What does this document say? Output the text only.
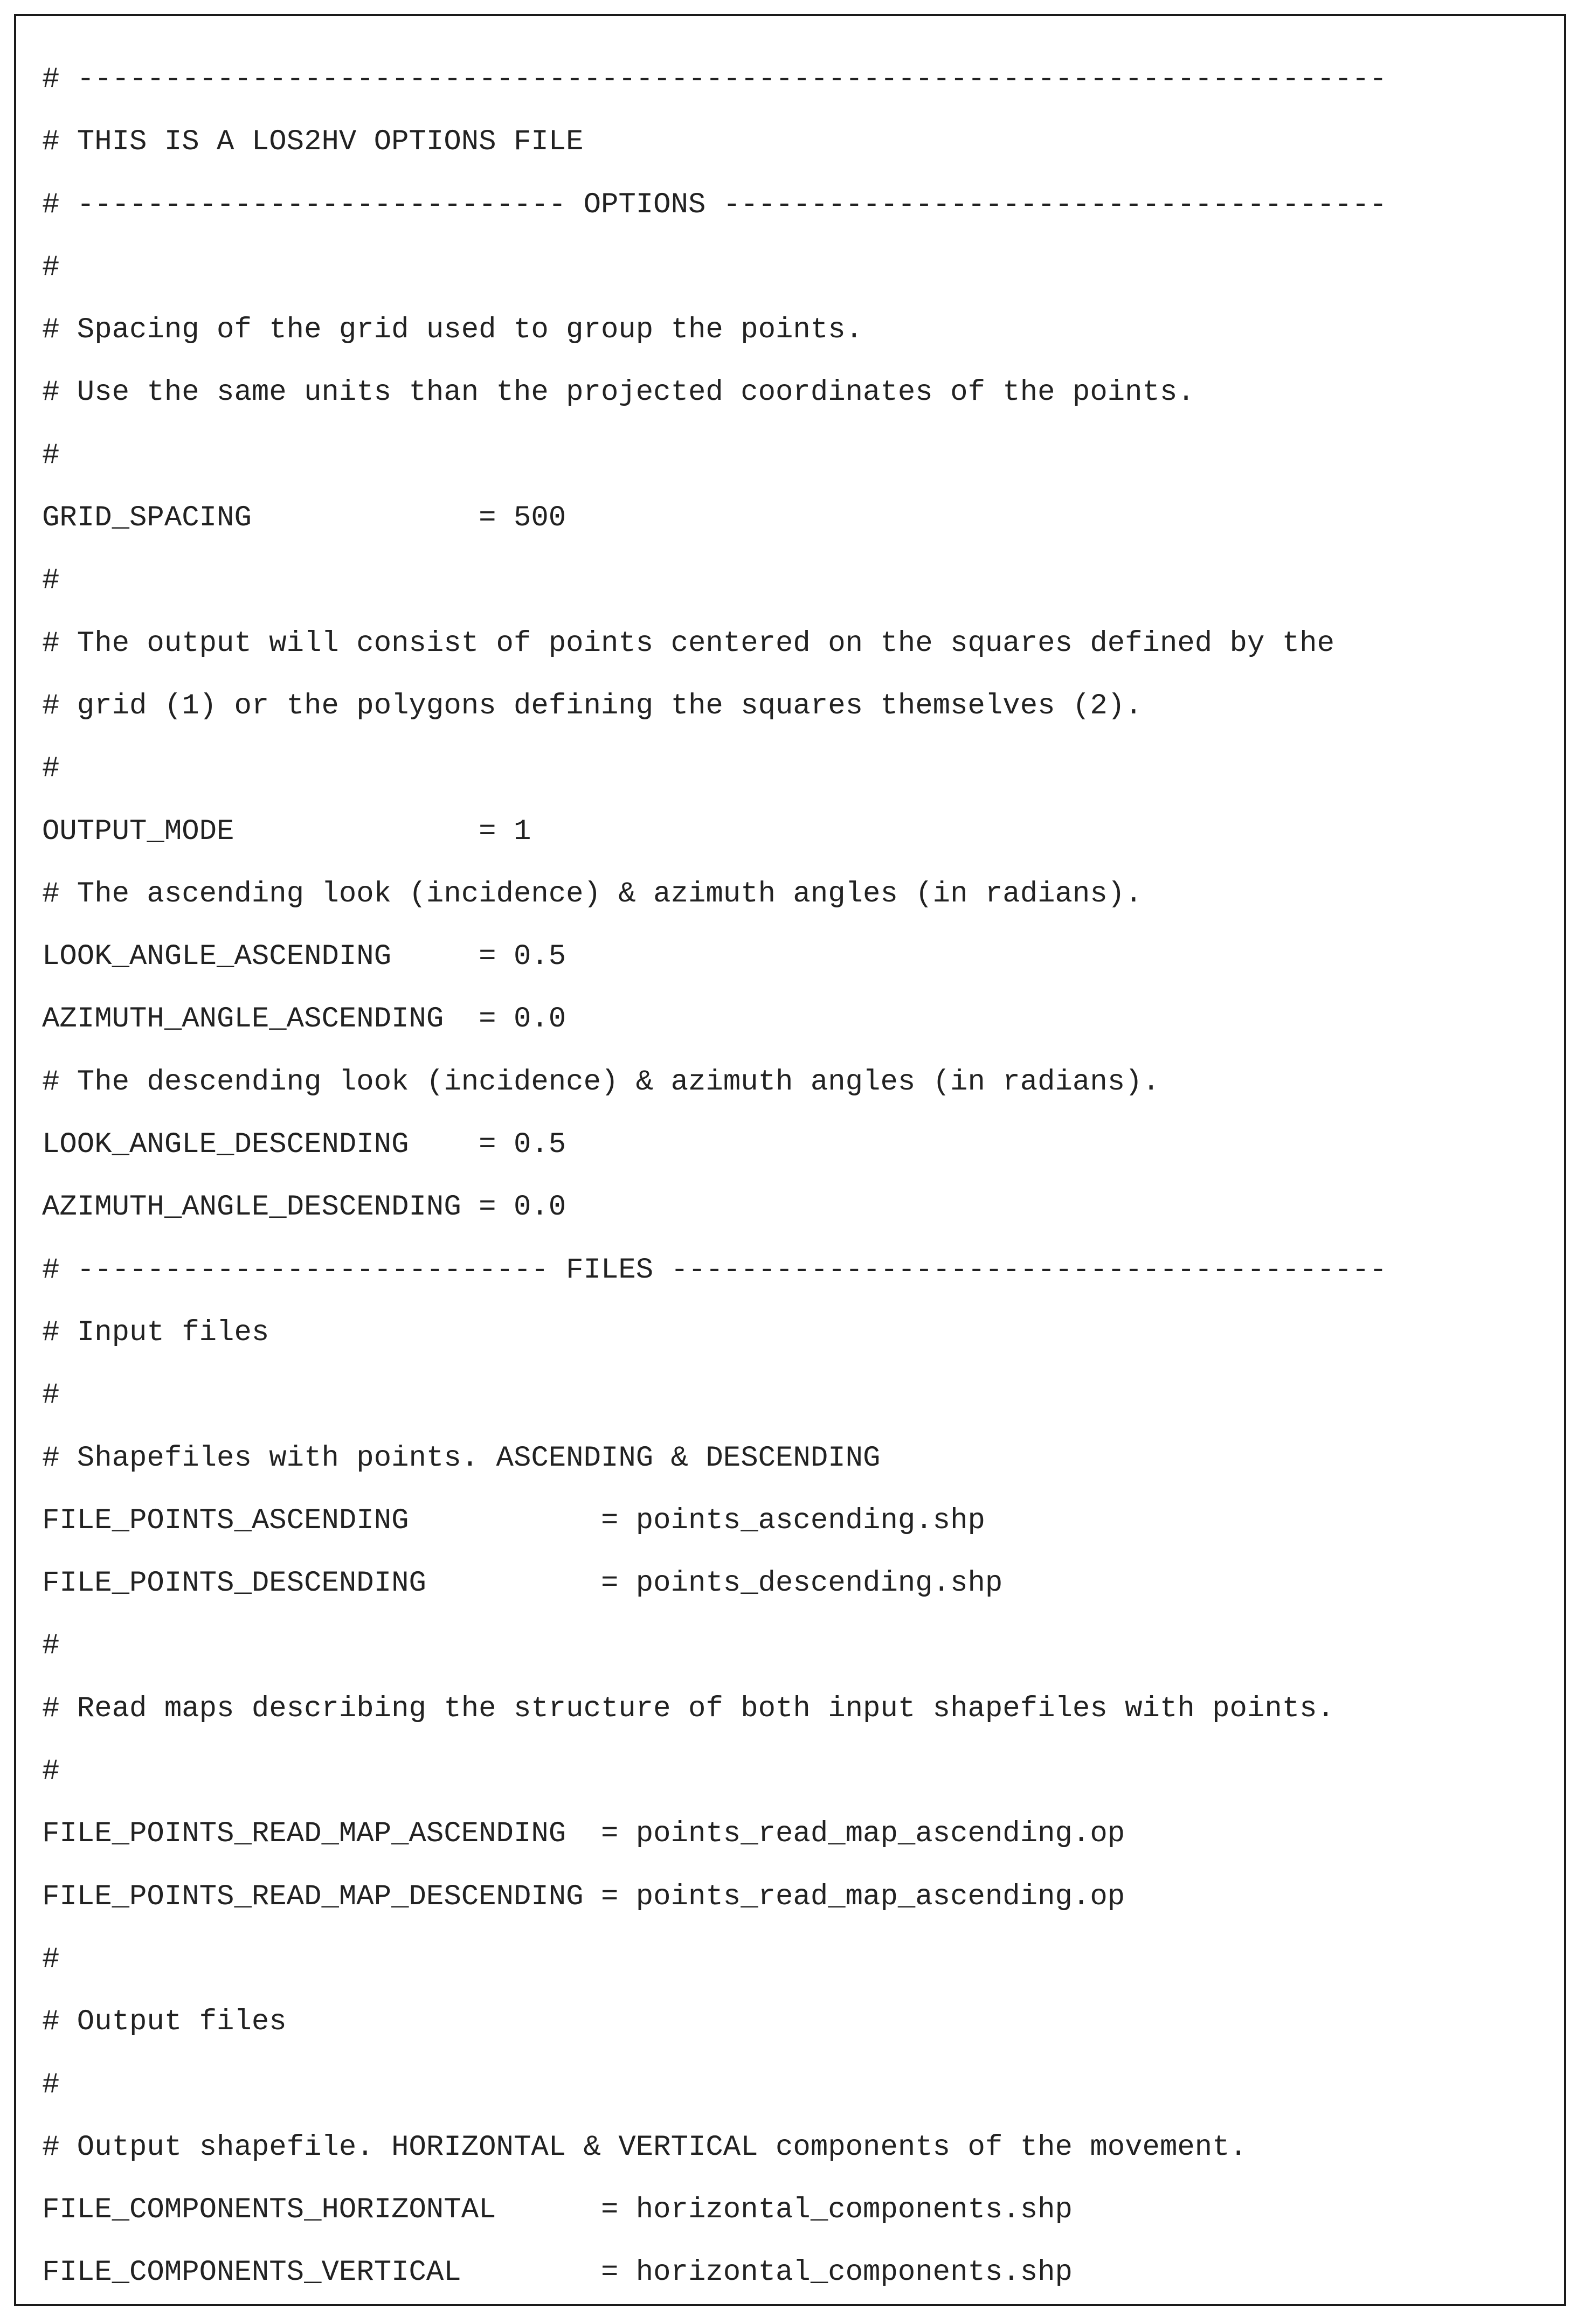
# ---------------------------------------------------------------------------
# THIS IS A LOS2HV OPTIONS FILE
# ---------------------------- OPTIONS --------------------------------------
#
# Spacing of the grid used to group the points.
# Use the same units than the projected coordinates of the points.
#
GRID_SPACING             = 500
#
# The output will consist of points centered on the squares defined by the
# grid (1) or the polygons defining the squares themselves (2).
#
OUTPUT_MODE              = 1
# The ascending look (incidence) & azimuth angles (in radians).
LOOK_ANGLE_ASCENDING     = 0.5
AZIMUTH_ANGLE_ASCENDING  = 0.0
# The descending look (incidence) & azimuth angles (in radians).
LOOK_ANGLE_DESCENDING    = 0.5
AZIMUTH_ANGLE_DESCENDING = 0.0
# --------------------------- FILES -----------------------------------------
# Input files
#
# Shapefiles with points. ASCENDING & DESCENDING
FILE_POINTS_ASCENDING           = points_ascending.shp
FILE_POINTS_DESCENDING          = points_descending.shp
#
# Read maps describing the structure of both input shapefiles with points.
#
FILE_POINTS_READ_MAP_ASCENDING  = points_read_map_ascending.op
FILE_POINTS_READ_MAP_DESCENDING = points_read_map_ascending.op
#
# Output files
#
# Output shapefile. HORIZONTAL & VERTICAL components of the movement.
FILE_COMPONENTS_HORIZONTAL      = horizontal_components.shp
FILE_COMPONENTS_VERTICAL        = horizontal_components.shp
